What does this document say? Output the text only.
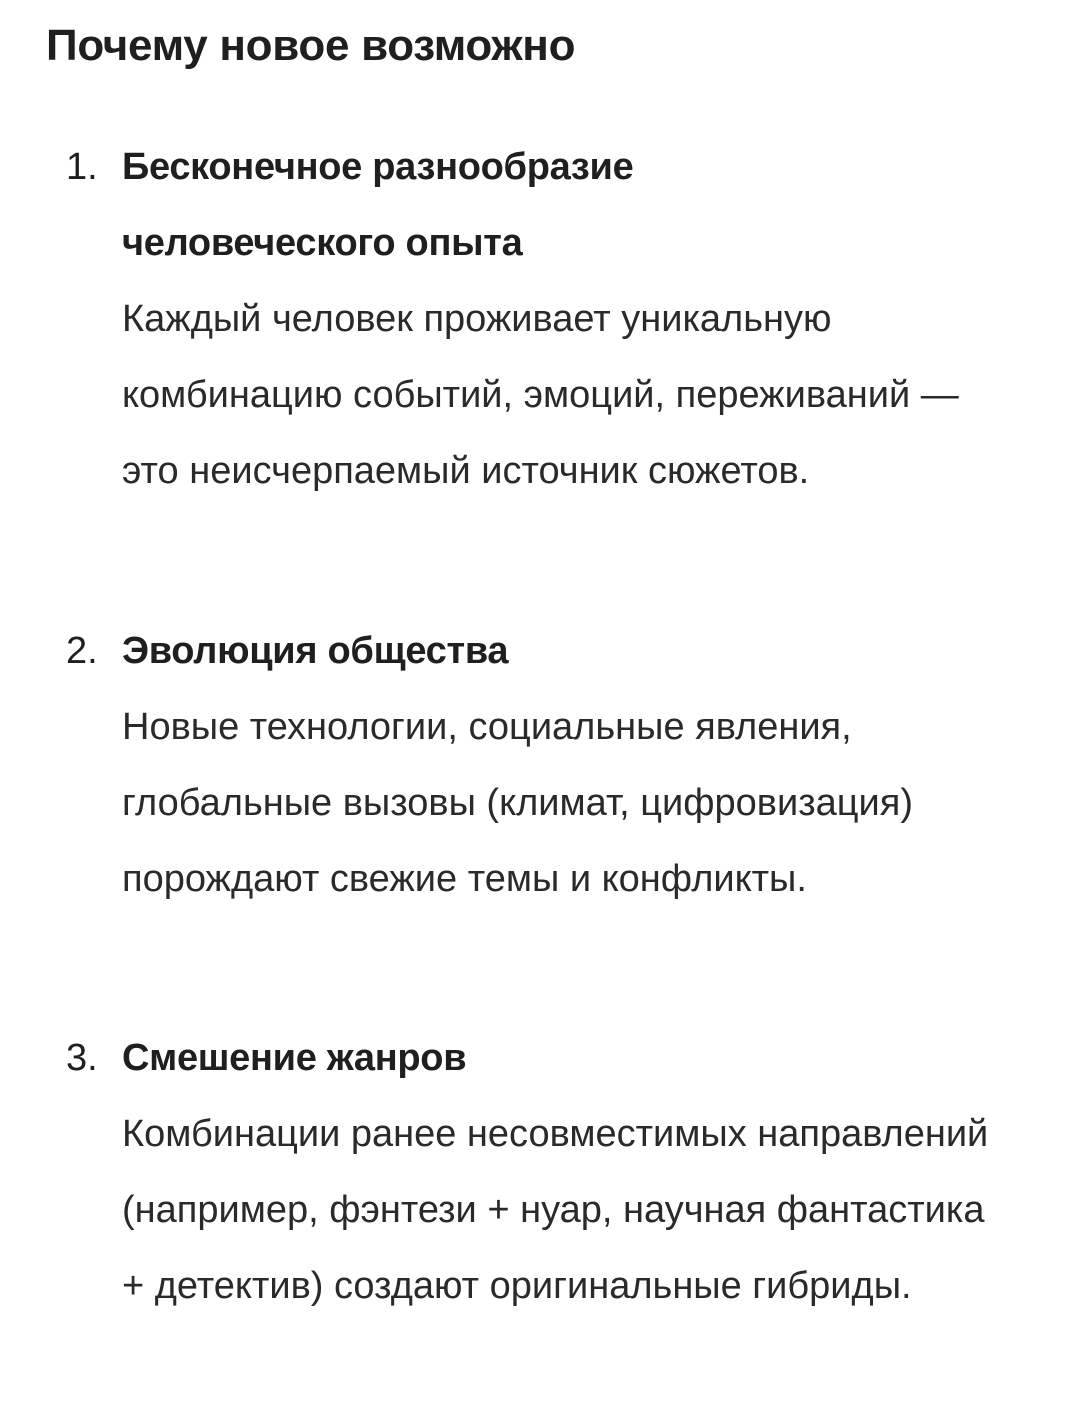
Почему новое возможно
1. Бесконечное разнообразие человеческого опыта
Каждый человек проживает уникальную комбинацию событий, эмоций, переживаний — это неисчерпаемый источник сюжетов.
2. Эволюция общества
Новые технологии, социальные явления, глобальные вызовы (климат, цифровизация) порождают свежие темы и конфликты.
3. Смешение жанров
Комбинации ранее несовместимых направлений (например, фэнтези + нуар, научная фантастика + детектив) создают оригинальные гибриды.
